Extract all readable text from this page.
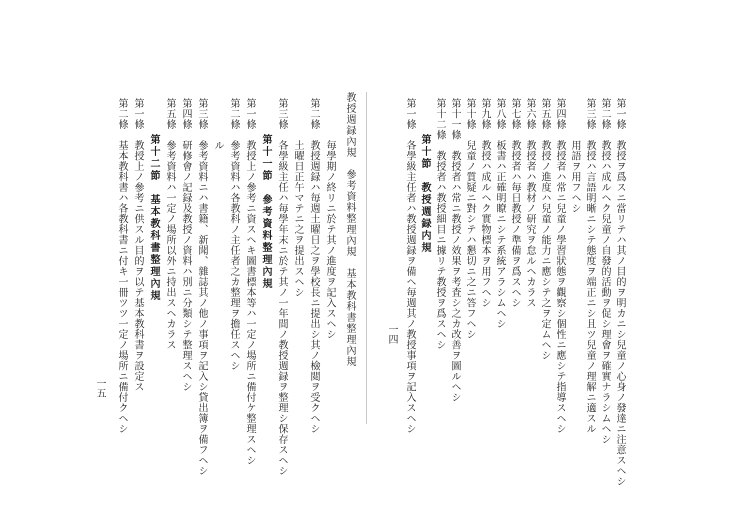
一四	第一條　教授ヲ爲スニ當リテハ其ノ目的ヲ明カニシ兒童ノ心身ノ發達ニ注意スヘシ
第二條　教授ハ成ルヘク兒童ノ自發的活動ヲ促シ理會ヲ確實ナラシムヘシ
第三條　教授ハ言語明晰ニシテ態度ヲ端正ニシ且ツ兒童ノ理解ニ適スル
　　　　用語ヲ用フヘシ
第四條　教授者ハ常ニ兒童ノ學習狀態ヲ觀察シ個性ニ應シテ指導スヘシ
第五條　教授ノ進度ハ兒童ノ能力ニ應シテ之ヲ定ムヘシ
第六條　教授者ハ教材ノ研究ヲ怠ルヘカラス
第七條　教授者ハ毎日教授ノ準備ヲ爲スヘシ
第八條　板書ハ正確明瞭ニシテ系統アラシムヘシ
第九條　教授ハ成ルヘク實物標本ヲ用フヘシ
第十條　兒童ノ質疑ニ對シテハ懇切ニ之ニ答フヘシ
第十一條　教授者ハ常ニ教授ノ效果ヲ考査シ之カ改善ヲ圖ルヘシ
第十二條　教授者ハ教授細目ニ據リテ教授ヲ爲スヘシ
　　　第十節　教授週録内規
第一條　各學級主任者ハ教授週録ヲ備ヘ毎週其ノ教授事項ヲ記入スヘシ
教授週録內規　參考資料整理內規　基本教科書整理內規
一五
　　　　毎學期ノ終リニ於テ其ノ進度ヲ記入スヘシ
第二條　教授週録ハ毎週土曜日之ヲ學校長ニ提出シ其ノ檢閲ヲ受クヘシ
　　　　土曜日正午マテニ之ヲ提出スヘシ
第三條　各學級主任ハ毎學年末ニ於テ其ノ一年間ノ教授週録ヲ整理シ保存スヘシ
　　　第十一節　參考資料整理內規
第一條　教授上ノ參考ニ資スヘキ圖書標本等ハ一定ノ場所ニ備付ケ整理スヘシ
第二條　參考資料ハ各教科ノ主任者之カ整理ヲ擔任スヘシ
　　　　ル
第三條　參考資料ニハ書籍、新聞、雜誌其ノ他ノ事項ヲ記入シ貸出簿ヲ備フヘシ
第四條　研修會ノ記録及教授ノ資料ハ別ニ分類シテ整理スヘシ
第五條　參考資料ハ一定ノ場所以外ニ持出スヘカラス
　　　第十二節　基本教科書整理內規
第一條　教授上ノ參考ニ供スル目的ヲ以テ基本教科書ヲ設定ス
第二條　基本教科書ハ各教科書ニ付キ一冊ツツ一定ノ場所ニ備付クヘシ
